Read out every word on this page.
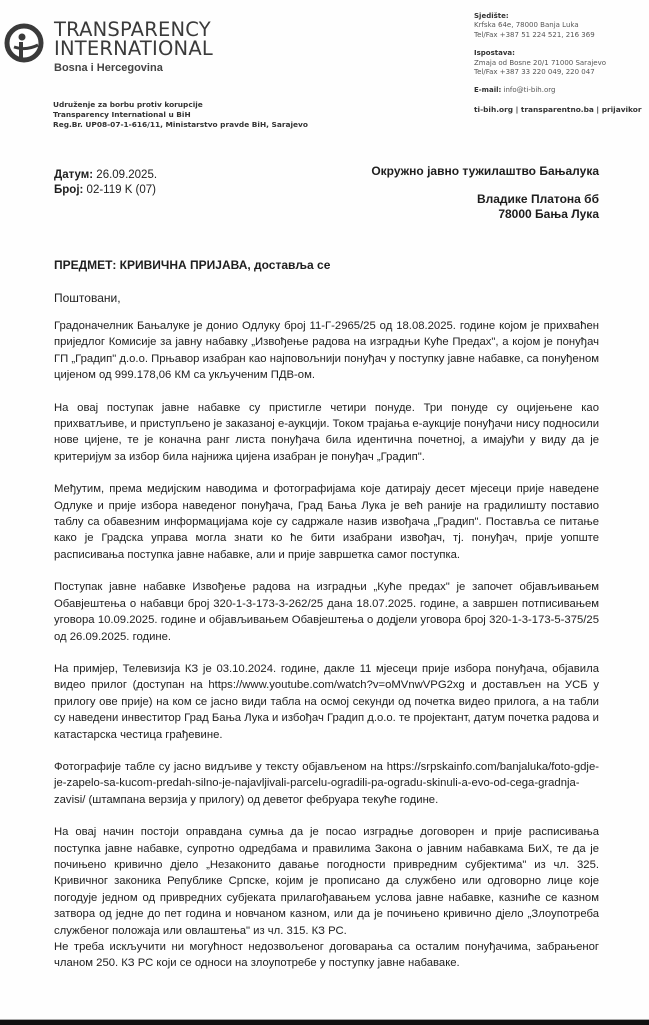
TRANSPARENCY
INTERNATIONAL
Bosna i Hercegovina
Udruženje za borbu protiv korupcije
Transparency International u BiH
Reg.Br. UP08-07-1-616/11, Ministarstvo pravde BiH, Sarajevo
Sjedište:
Krfska 64e, 78000 Banja Luka
Tel/Fax +387 51 224 521, 216 369
Ispostava:
Zmaja od Bosne 20/1 71000 Sarajevo
Tel/Fax +387 33 220 049, 220 047
E-mail: info@ti-bih.org
ti-bih.org | transparentno.ba | prijavikor
Датум: 26.09.2025.
Број: 02-119 K (07)
Окружно јавно тужилаштво Бањалука
Владике Платона бб
78000 Бања Лука
ПРЕДМЕТ: КРИВИЧНА ПРИЈАВА, доставља се
Поштовани,

Градоначелник Бањалуке је донио Одлуку број 11-Г-2965/25 од 18.08.2025. године којом је прихваћен приједлог Комисије за јавну набавку „Извођење радова на изградњи Куће Предах", а којом је понуђач ГП „Градип" д.о.о. Прњавор изабран као најповољнији понуђач у поступку јавне набавке, са понуђеном цијеном од 999.178,06 КМ са укљученим ПДВ-ом.

На овај поступак јавне набавке су пристигле четири пoнуде. Три понуде су оцијењене као прихватљиве, и приступљено је заказаној е-аукцији. Током трајања е-аукције понуђачи нису подносили нове цијене, те је коначна ранг листа понуђача била идентична почетној, а имајући у виду да је критеријум за избор била најнижа цијена изабран је понуђач „Градип".

Међутим, према медијским наводима и фотографијама које датирају десет мјесеци прије наведене Одлуке и прије избора наведеног понуђача, Град Бања Лука је већ раније на градилишту поставио таблу са обавезним информацијама које су садржале назив извођача „Градип". Поставља се питање како је Градска управа могла знати ко ће бити изабрани извођач, тј. понуђач, прије уопште расписивања поступка јавне набавке, али и прије завршетка самог поступка.

Поступак јавне набавке Извођење радова на изградњи „Куће предах" је започет објављивањем Обавјештења о набавци број 320-1-3-173-3-262/25 дана 18.07.2025. године, а завршен потписивањем уговора 10.09.2025. године и објављивањем Обавјештења о додјели уговора број 320-1-3-173-5-375/25 од 26.09.2025. године.

На примјер, Телевизија КЗ је 03.10.2024. године, дакле 11 мјесеци прије избора понуђача, објавила видео прилог (доступан на https://www.youtube.com/watch?v=oMVnwVPG2xg и достављен на УСБ у прилогу ове пријe) на ком се јасно види табла на осмој секунди од почетка видео прилога, а на табли су наведени инвеститор Град Бања Лука и избођач Градип д.о.о. те пројектант, датум почетка радова и катастарска честица грађевине.

Фотографије табле су јасно видљиве у тексту објављеном на https://srpskainfo.com/banjaluka/foto-gdje-je-zapelo-sa-kucom-predah-silno-je-najavljivali-parcelu-ogradili-pa-ogradu-skinuli-a-evo-od-cega-gradnja-zavisi/ (штампана верзија у прилогу) од деветог фебруара текуће године.

На овај начин постоји оправдана сумња да је посао изградње договорен и прије расписивања поступка јавне набавке, супротно одредбама и правилима Закона о јавним набавкама БиХ, те да је почињено кривично дјело „Незаконито давање погодности привредним субјектима" из чл. 325. Кривичног законика Републике Српске, којим је прописано да службено или одговорно лице које погодује једном од привредних субјеката прилагођавањем услова јавне набавке, казниће се казном затвора од једне до пет година и новчаном казном, или да је почињено кривично дјело „Злоупотреба службеног положаја или овлаштења" из чл. 315. КЗ РС.

Не треба искључити ни могућност недозвољеног договарања са осталим понуђачима, забрањеног чланом 250. КЗ РС који се односи на злоупотребе у поступку јавне набаваке.
